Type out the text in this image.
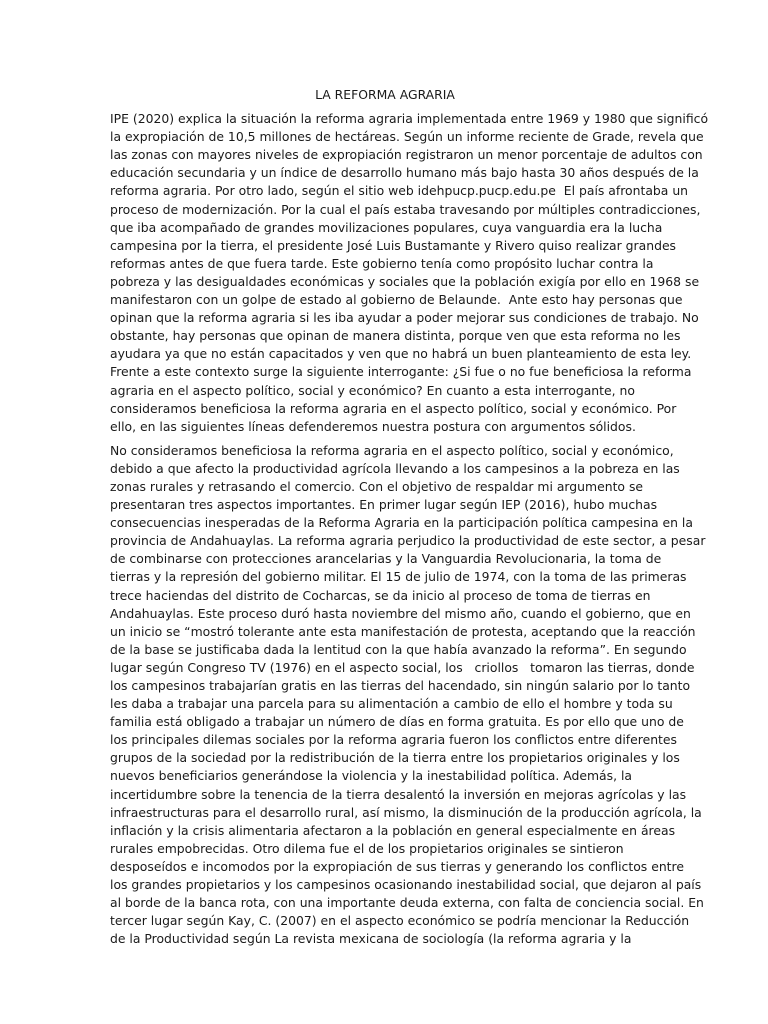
LA REFORMA AGRARIA
IPE (2020) explica la situación la reforma agraria implementada entre 1969 y 1980 que significó
la expropiación de 10,5 millones de hectáreas. Según un informe reciente de Grade, revela que
las zonas con mayores niveles de expropiación registraron un menor porcentaje de adultos con
educación secundaria y un índice de desarrollo humano más bajo hasta 30 años después de la
reforma agraria. Por otro lado, según el sitio web idehpucp.pucp.edu.pe  El país afrontaba un
proceso de modernización. Por la cual el país estaba travesando por múltiples contradicciones,
que iba acompañado de grandes movilizaciones populares, cuya vanguardia era la lucha
campesina por la tierra, el presidente José Luis Bustamante y Rivero quiso realizar grandes
reformas antes de que fuera tarde. Este gobierno tenía como propósito luchar contra la
pobreza y las desigualdades económicas y sociales que la población exigía por ello en 1968 se
manifestaron con un golpe de estado al gobierno de Belaunde.  Ante esto hay personas que
opinan que la reforma agraria si les iba ayudar a poder mejorar sus condiciones de trabajo. No
obstante, hay personas que opinan de manera distinta, porque ven que esta reforma no les
ayudara ya que no están capacitados y ven que no habrá un buen planteamiento de esta ley.
Frente a este contexto surge la siguiente interrogante: ¿Si fue o no fue beneficiosa la reforma
agraria en el aspecto político, social y económico? En cuanto a esta interrogante, no
consideramos beneficiosa la reforma agraria en el aspecto político, social y económico. Por
ello, en las siguientes líneas defenderemos nuestra postura con argumentos sólidos.
No consideramos beneficiosa la reforma agraria en el aspecto político, social y económico,
debido a que afecto la productividad agrícola llevando a los campesinos a la pobreza en las
zonas rurales y retrasando el comercio. Con el objetivo de respaldar mi argumento se
presentaran tres aspectos importantes. En primer lugar según IEP (2016), hubo muchas
consecuencias inesperadas de la Reforma Agraria en la participación política campesina en la
provincia de Andahuaylas. La reforma agraria perjudico la productividad de este sector, a pesar
de combinarse con protecciones arancelarias y la Vanguardia Revolucionaria, la toma de
tierras y la represión del gobierno militar. El 15 de julio de 1974, con la toma de las primeras
trece haciendas del distrito de Cocharcas, se da inicio al proceso de toma de tierras en
Andahuaylas. Este proceso duró hasta noviembre del mismo año, cuando el gobierno, que en
un inicio se “mostró tolerante ante esta manifestación de protesta, aceptando que la reacción
de la base se justificaba dada la lentitud con la que había avanzado la reforma”. En segundo
lugar según Congreso TV (1976) en el aspecto social, los   criollos   tomaron las tierras, donde
los campesinos trabajarían gratis en las tierras del hacendado, sin ningún salario por lo tanto
les daba a trabajar una parcela para su alimentación a cambio de ello el hombre y toda su
familia está obligado a trabajar un número de días en forma gratuita. Es por ello que uno de
los principales dilemas sociales por la reforma agraria fueron los conflictos entre diferentes
grupos de la sociedad por la redistribución de la tierra entre los propietarios originales y los
nuevos beneficiarios generándose la violencia y la inestabilidad política. Además, la
incertidumbre sobre la tenencia de la tierra desalentó la inversión en mejoras agrícolas y las
infraestructuras para el desarrollo rural, así mismo, la disminución de la producción agrícola, la
inflación y la crisis alimentaria afectaron a la población en general especialmente en áreas
rurales empobrecidas. Otro dilema fue el de los propietarios originales se sintieron
desposeídos e incomodos por la expropiación de sus tierras y generando los conflictos entre
los grandes propietarios y los campesinos ocasionando inestabilidad social, que dejaron al país
al borde de la banca rota, con una importante deuda externa, con falta de conciencia social. En
tercer lugar según Kay, C. (2007) en el aspecto económico se podría mencionar la Reducción
de la Productividad según La revista mexicana de sociología (la reforma agraria y la
